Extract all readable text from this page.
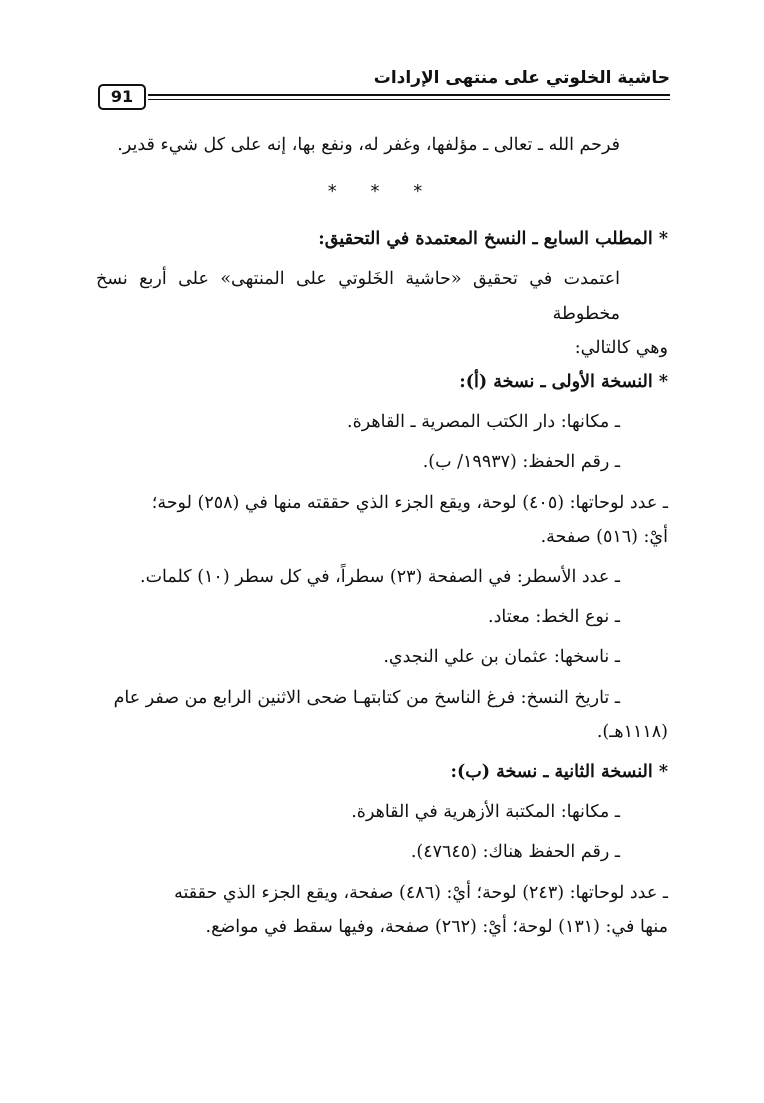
91
حاشية الخلوتي على منتهى الإرادات

فرحم الله ـ تعالى ـ مؤلفها، وغفر له، ونفع بها، إنه على كل شيء قدير.

* * *

* المطلب السابع ـ النسخ المعتمدة في التحقيق:

اعتمدت في تحقيق «حاشية الخَلوتي على المنتهى» على أربع نسخ مخطوطة

وهي كالتالي:

* النسخة الأولى ـ نسخة (أ):

ـ مكانها: دار الكتب المصرية ـ القاهرة.

ـ رقم الحفظ: (١٩٩٣٧/ ب).

ـ عدد لوحاتها: (٤٠٥) لوحة، ويقع الجزء الذي حققته منها في (٢٥٨) لوحة؛

أيْ: (٥١٦) صفحة.

ـ عدد الأسطر: في الصفحة (٢٣) سطراً، في كل سطر (١٠) كلمات.

ـ نوع الخط: معتاد.

ـ ناسخها: عثمان بن علي النجدي.

ـ تاريخ النسخ: فرغ الناسخ من كتابتهـا ضحى الاثنين الرابع من صفر عام

(١١١٨هـ).

* النسخة الثانية ـ نسخة (ب):

ـ مكانها: المكتبة الأزهرية في القاهرة.

ـ رقم الحفظ هناك: (٤٧٦٤٥).

ـ عدد لوحاتها: (٢٤٣) لوحة؛ أيْ: (٤٨٦) صفحة، ويقع الجزء الذي حققته

منها في: (١٣١) لوحة؛ أيْ: (٢٦٢) صفحة، وفيها سقط في مواضع.
